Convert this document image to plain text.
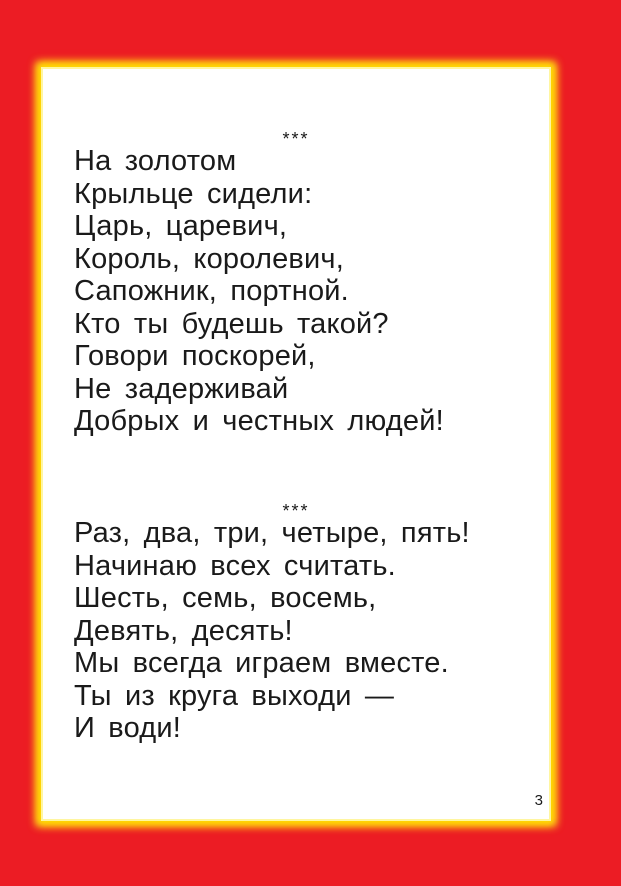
***
На золотом
Крыльце сидели:
Царь, царевич,
Король, королевич,
Сапожник, портной.
Кто ты будешь такой?
Говори поскорей,
Не задерживай
Добрых и честных людей!
***
Раз, два, три, четыре, пять!
Начинаю всех считать.
Шесть, семь, восемь,
Девять, десять!
Мы всегда играем вместе.
Ты из круга выходи —
И води!
3
